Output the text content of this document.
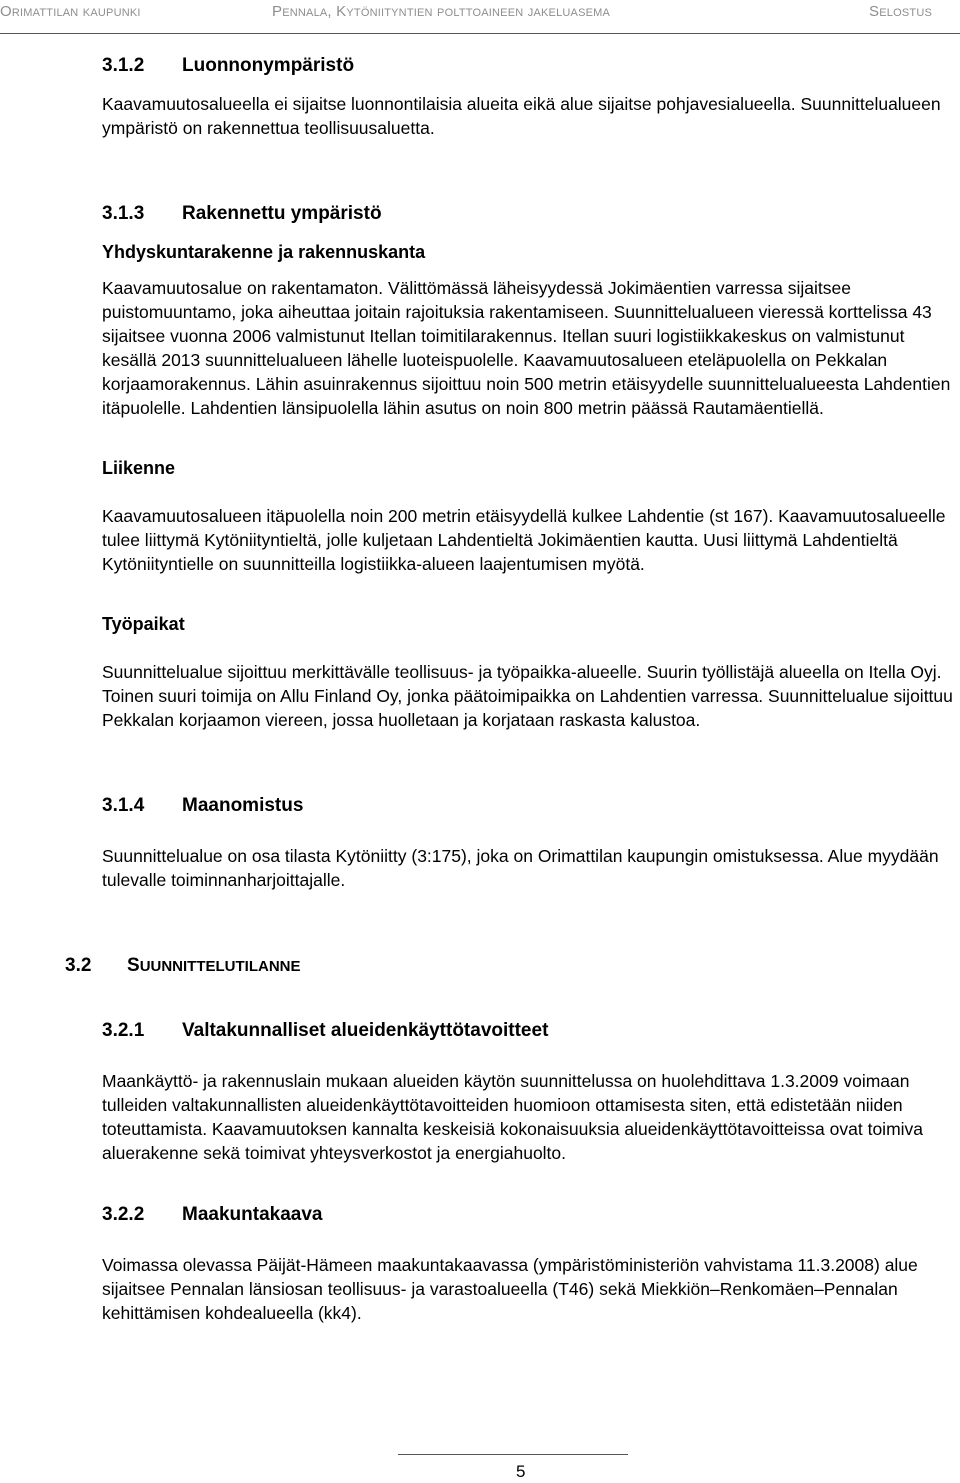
Orimattilan kaupunki	Pennala, Kytöniityntien polttoaineen jakeluasema	Selostus
3.1.2 Luonnonympäristö

Kaavamuutosalueella ei sijaitse luonnontilaisia alueita eikä alue sijaitse pohjavesialueella. Suunnittelualueen ympäristö on rakennettua teollisuusaluetta.

3.1.3 Rakennettu ympäristö
Yhdyskuntarakenne ja rakennuskanta

Kaavamuutosalue on rakentamaton. Välittömässä läheisyydessä Jokimäentien varressa sijaitsee puistomuuntamo, joka aiheuttaa joitain rajoituksia rakentamiseen. Suunnittelualueen vieressä korttelissa 43 sijaitsee vuonna 2006 valmistunut Itellan toimitilarakennus. Itellan suuri logistiikkakeskus on valmistunut kesällä 2013 suunnittelualueen lähelle luoteispuolelle. Kaavamuutosalueen eteläpuolella on Pekkalan korjaamorakennus. Lähin asuinrakennus sijoittuu noin 500 metrin etäisyydelle suunnittelualueesta Lahdentien itäpuolelle. Lahdentien länsipuolella lähin asutus on noin 800 metrin päässä Rautamäentiellä.

Liikenne

Kaavamuutosalueen itäpuolella noin 200 metrin etäisyydellä kulkee Lahdentie (st 167). Kaavamuutosalueelle tulee liittymä Kytöniityntieltä, jolle kuljetaan Lahdentieltä Jokimäentien kautta. Uusi liittymä Lahdentieltä Kytöniityntielle on suunnitteilla logistiikka-alueen laajentumisen myötä.

Työpaikat

Suunnittelualue sijoittuu merkittävälle teollisuus- ja työpaikka-alueelle. Suurin työllistäjä alueella on Itella Oyj. Toinen suuri toimija on Allu Finland Oy, jonka päätoimipaikka on Lahdentien varressa. Suunnittelualue sijoittuu Pekkalan korjaamon viereen, jossa huolletaan ja korjataan raskasta kalustoa.

3.1.4 Maanomistus

Suunnittelualue on osa tilasta Kytöniitty (3:175), joka on Orimattilan kaupungin omistuksessa. Alue myydään tulevalle toiminnanharjoittajalle.

3.2 SUUNNITTELUTILANNE
3.2.1 Valtakunnalliset alueidenkäyttötavoitteet

Maankäyttö- ja rakennuslain mukaan alueiden käytön suunnittelussa on huolehdittava 1.3.2009 voimaan tulleiden valtakunnallisten alueidenkäyttötavoitteiden huomioon ottamisesta siten, että edistetään niiden toteuttamista. Kaavamuutoksen kannalta keskeisiä kokonaisuuksia alueidenkäyttötavoitteissa ovat toimiva aluerakenne sekä toimivat yhteysverkostot ja energiahuolto.

3.2.2 Maakuntakaava

Voimassa olevassa Päijät-Hämeen maakuntakaavassa (ympäristöministeriön vahvistama 11.3.2008) alue sijaitsee Pennalan länsiosan teollisuus- ja varastoalueella (T46) sekä Miekkiön–Renkomäen–Pennalan kehittämisen kohdealueella (kk4).

5
